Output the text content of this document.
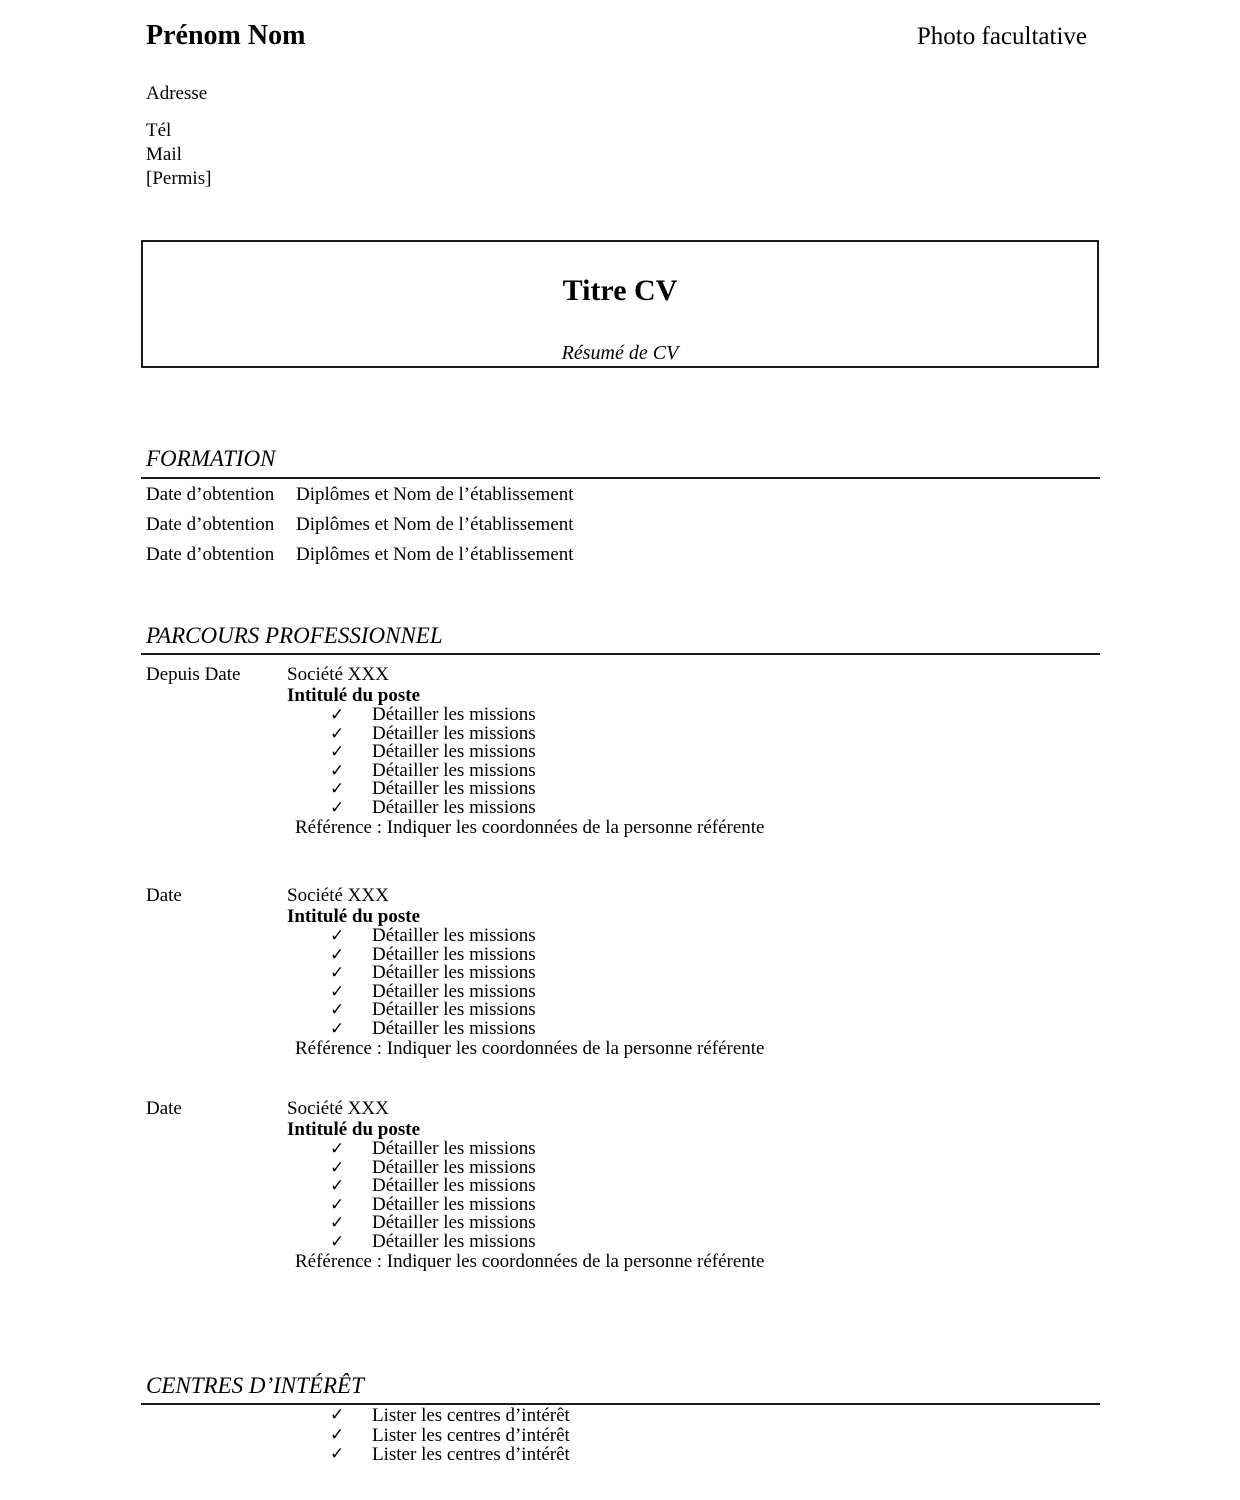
Prénom Nom	Photo facultative
Adresse
Tél
Mail
[Permis]
Titre CV
Résumé de CV
FORMATION
Date d’obtention	Diplômes et Nom de l’établissement
Date d’obtention	Diplômes et Nom de l’établissement
Date d’obtention	Diplômes et Nom de l’établissement
PARCOURS PROFESSIONNEL
Depuis Date Société XXX
Intitulé du poste
✓	Détailler les missions
✓	Détailler les missions
✓	Détailler les missions
✓	Détailler les missions
✓	Détailler les missions
✓	Détailler les missions
Référence : Indiquer les coordonnées de la personne référente
Date	Société XXX
Intitulé du poste
✓	Détailler les missions
✓	Détailler les missions
✓	Détailler les missions
✓	Détailler les missions
✓	Détailler les missions
✓	Détailler les missions
Référence : Indiquer les coordonnées de la personne référente
Date	Société XXX
Intitulé du poste
✓	Détailler les missions
✓	Détailler les missions
✓	Détailler les missions
✓	Détailler les missions
✓	Détailler les missions
✓	Détailler les missions
Référence : Indiquer les coordonnées de la personne référente
CENTRES D’INTÉRÊT
✓	Lister les centres d’intérêt
✓	Lister les centres d’intérêt
✓	Lister les centres d’intérêt
